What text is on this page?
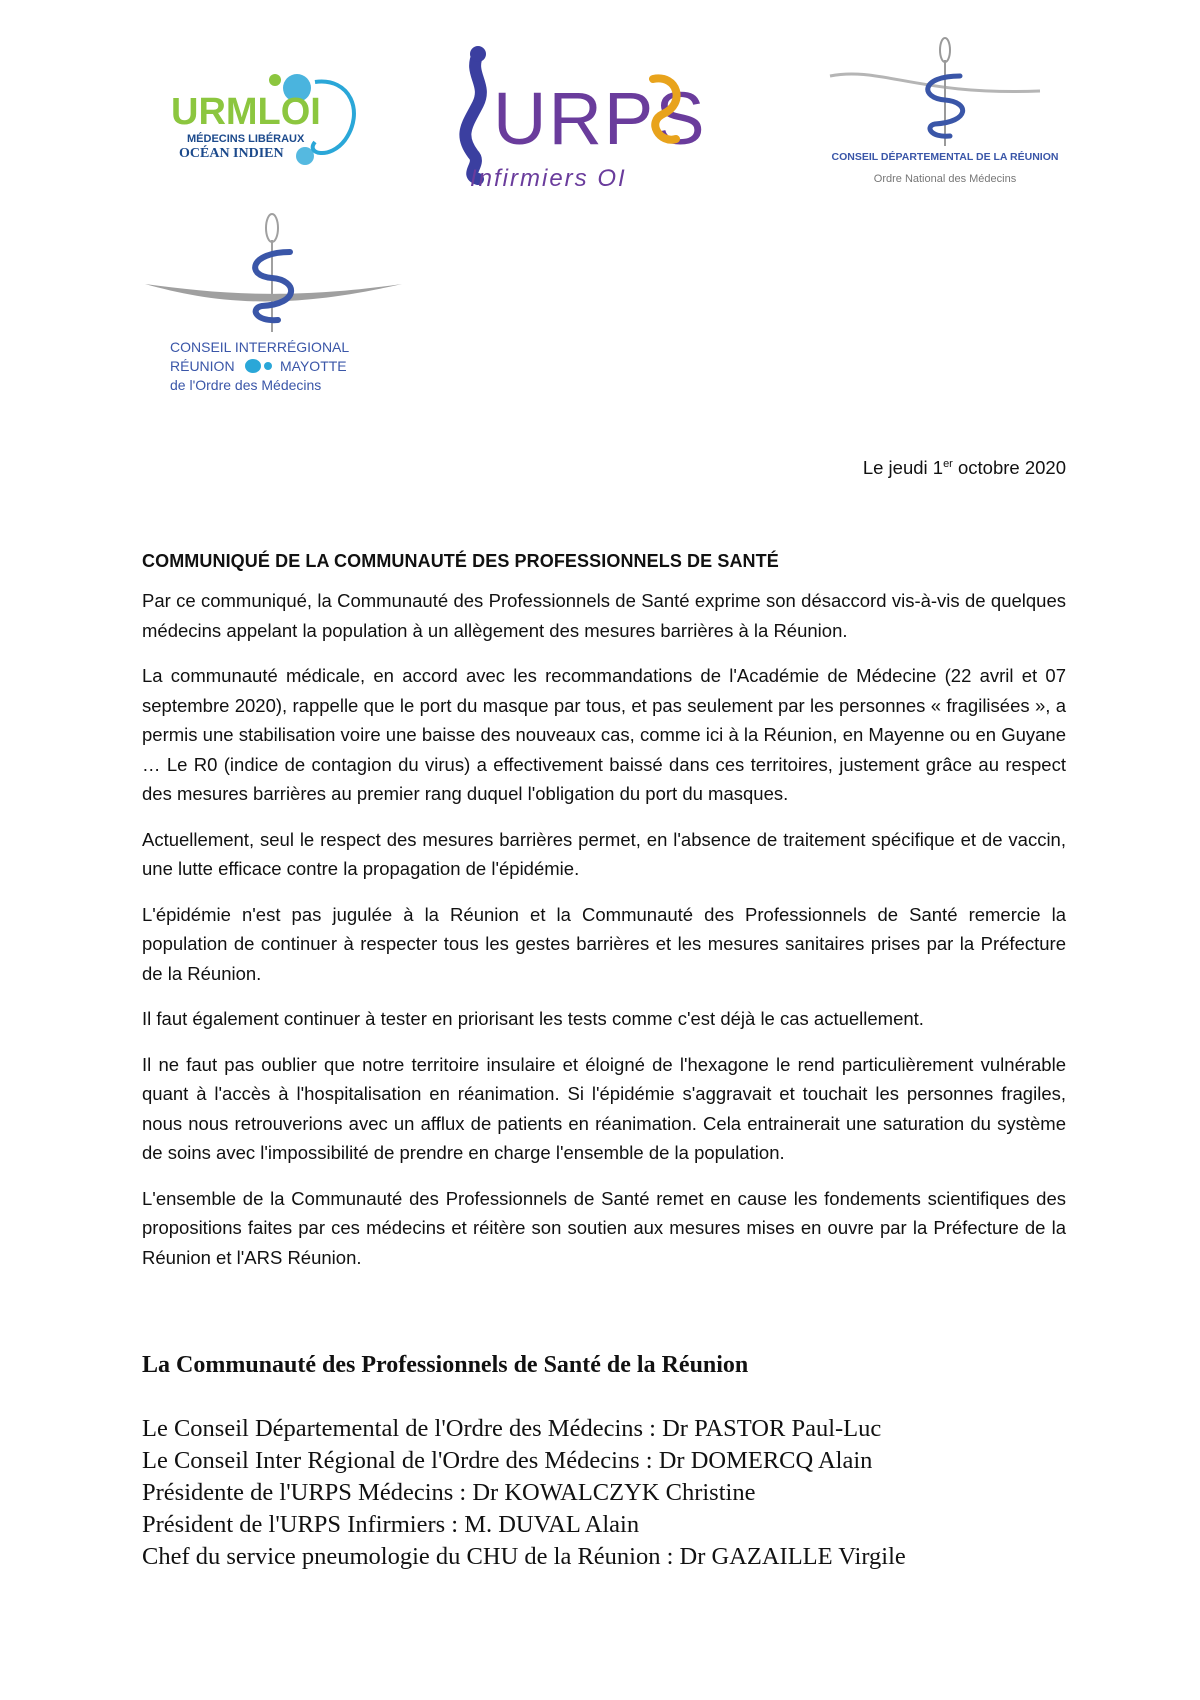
URMLOI
MÉDECINS LIBÉRAUX
OCÉAN INDIEN	URPS
Infirmiers OI
CONSEIL DÉPARTEMENTAL DE LA RÉUNION
Ordre National des Médecins
CONSEIL INTERRÉGIONAL
RÉUNION	MAYOTTE
de l'Ordre des Médecins
Le jeudi 1er octobre 2020
COMMUNIQUÉ DE LA COMMUNAUTÉ DES PROFESSIONNELS DE SANTÉ

Par ce communiqué, la Communauté des Professionnels de Santé exprime son désaccord vis-à-vis de quelques médecins appelant la population à un allègement des mesures barrières à la Réunion.

La communauté médicale, en accord avec les recommandations de l'Académie de Médecine (22 avril et 07 septembre 2020), rappelle que le port du masque par tous, et pas seulement par les personnes « fragilisées », a permis une stabilisation voire une baisse des nouveaux cas, comme ici à la Réunion, en Mayenne ou en Guyane … Le R0 (indice de contagion du virus) a effectivement baissé dans ces territoires, justement grâce au respect des mesures barrières au premier rang duquel l'obligation du port du masques.

Actuellement, seul le respect des mesures barrières permet, en l'absence de traitement spécifique et de vaccin, une lutte efficace contre la propagation de l'épidémie.

L'épidémie n'est pas jugulée à la Réunion et la Communauté des Professionnels de Santé remercie la population de continuer à respecter tous les gestes barrières et les mesures sanitaires prises par la Préfecture de la Réunion.

Il faut également continuer à tester en priorisant les tests comme c'est déjà le cas actuellement.

Il ne faut pas oublier que notre territoire insulaire et éloigné de l'hexagone le rend particulièrement vulnérable quant à l'accès à l'hospitalisation en réanimation. Si l'épidémie s'aggravait et touchait les personnes fragiles, nous nous retrouverions avec un afflux de patients en réanimation. Cela entrainerait une saturation du système de soins avec l'impossibilité de prendre en charge l'ensemble de la population.

L'ensemble de la Communauté des Professionnels de Santé remet en cause les fondements scientifiques des propositions faites par ces médecins et réitère son soutien aux mesures mises en ouvre par la Préfecture de la Réunion et l'ARS Réunion.

La Communauté des Professionnels de Santé de la Réunion
Le Conseil Départemental de l'Ordre des Médecins : Dr PASTOR Paul-Luc
Le Conseil Inter Régional de l'Ordre des Médecins : Dr DOMERCQ Alain
Présidente de l'URPS Médecins : Dr KOWALCZYK Christine
Président de l'URPS Infirmiers : M. DUVAL Alain
Chef du service pneumologie du CHU de la Réunion : Dr GAZAILLE Virgile
